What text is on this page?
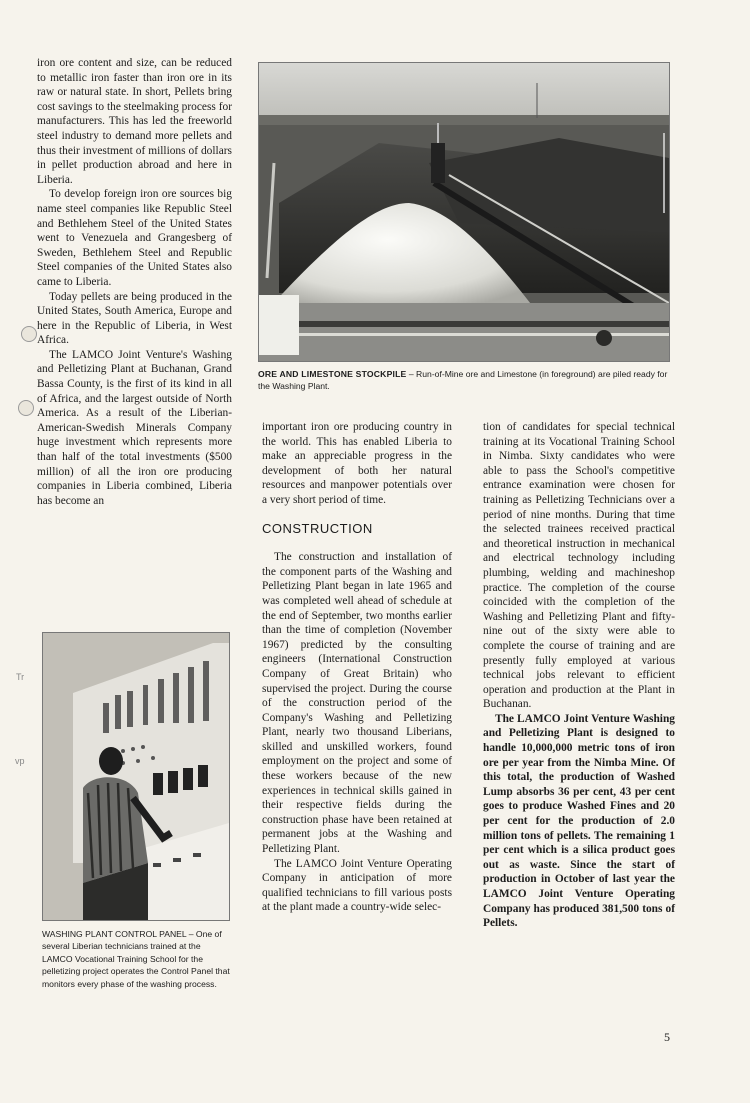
iron ore content and size, can be reduced to metallic iron faster than iron ore in its raw or natural state. In short, Pellets bring cost savings to the steelmaking process for manufacturers. This has led the freeworld steel industry to demand more pellets and thus their investment of millions of dollars in pellet production abroad and here in Liberia.

To develop foreign iron ore sources big name steel companies like Republic Steel and Bethlehem Steel of the United States went to Venezuela and Grangesberg of Sweden, Bethlehem Steel and Republic Steel companies of the United States also came to Liberia.

Today pellets are being produced in the United States, South America, Europe and here in the Republic of Liberia, in West Africa.

The LAMCO Joint Venture's Washing and Pelletizing Plant at Buchanan, Grand Bassa County, is the first of its kind in all of Africa, and the largest outside of North America. As a result of the Liberian-American-Swedish Minerals Company huge investment which represents more than half of the total investments ($500 million) of all the iron ore producing companies in Liberia combined, Liberia has become an

ORE AND LIMESTONE STOCKPILE – Run-of-Mine ore and Limestone (in foreground) are piled ready for the Washing Plant.

important iron ore producing country in the world. This has enabled Liberia to make an appreciable progress in the development of both her natural resources and manpower potentials over a very short period of time.

CONSTRUCTION

The construction and installation of the component parts of the Washing and Pelletizing Plant began in late 1965 and was completed well ahead of schedule at the end of September, two months earlier than the time of completion (November 1967) predicted by the consulting engineers (International Construction Company of Great Britain) who supervised the project. During the course of the construction period of the Company's Washing and Pelletizing Plant, nearly two thousand Liberians, skilled and unskilled workers, found employment on the project and some of these workers because of the new experiences in technical skills gained in their respective fields during the construction phase have been retained at permanent jobs at the Washing and Pelletizing Plant.

The LAMCO Joint Venture Operating Company in anticipation of more qualified technicians to fill various posts at the plant made a country-wide selec-

tion of candidates for special technical training at its Vocational Training School in Nimba. Sixty candidates who were able to pass the School's competitive entrance examination were chosen for training as Pelletizing Technicians over a period of nine months. During that time the selected trainees received practical and theoretical instruction in mechanical and electrical technology including plumbing, welding and machineshop practice. The completion of the course coincided with the completion of the Washing and Pelletizing Plant and fifty-nine out of the sixty were able to complete the course of training and are presently fully employed at various technical jobs relevant to efficient operation and production at the Plant in Buchanan.

The LAMCO Joint Venture Washing and Pelletizing Plant is designed to handle 10,000,000 metric tons of iron ore per year from the Nimba Mine. Of this total, the production of Washed Lump absorbs 36 per cent, 43 per cent goes to produce Washed Fines and 20 per cent for the production of 2.0 million tons of pellets. The remaining 1 per cent which is a silica product goes out as waste. Since the start of production in October of last year the LAMCO Joint Venture Operating Company has produced 381,500 tons of Pellets.

WASHING PLANT CONTROL PANEL – One of several Liberian technicians trained at the LAMCO Vocational Training School for the pelletizing project operates the Control Panel that monitors every phase of the washing process.
5
Tr
vp
